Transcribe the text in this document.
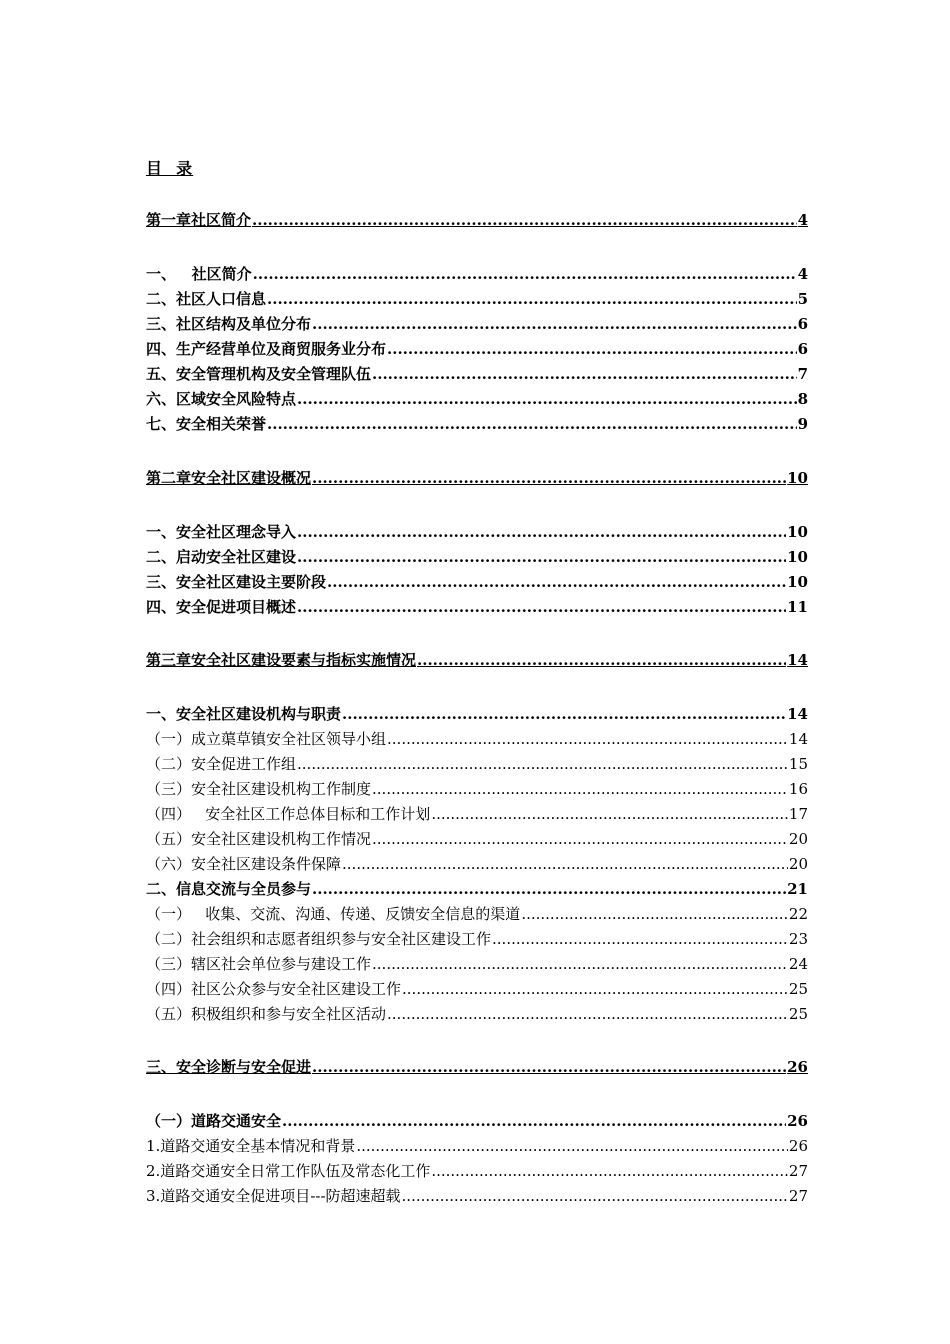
目  录
第一章社区简介 .....	4
一、   社区简介 .....	4
二、社区人口信息 .....	5
三、社区结构及单位分布 .....	6
四、生产经营单位及商贸服务业分布 .....	6
五、安全管理机构及安全管理队伍 .....	7
六、区域安全风险特点 .....	8
七、安全相关荣誉 .....	9
第二章安全社区建设概况 .....	10
一、安全社区理念导入 .....	10
二、启动安全社区建设 .....	10
三、安全社区建设主要阶段 .....	10
四、安全促进项目概述 .....	11
第三章安全社区建设要素与指标实施情况 .....	14
一、安全社区建设机构与职责 .....	14
（一）成立蕖草镇安全社区领导小组 .....	14
（二）安全促进工作组 .....	15
（三）安全社区建设机构工作制度 .....	16
（四）   安全社区工作总体目标和工作计划 .....	17
（五）安全社区建设机构工作情况 .....	20
（六）安全社区建设条件保障 .....	20
二、信息交流与全员参与 .....	21
（一）   收集、交流、沟通、传递、反馈安全信息的渠道 .....	22
（二）社会组织和志愿者组织参与安全社区建设工作 .....	23
（三）辖区社会单位参与建设工作 .....	24
（四）社区公众参与安全社区建设工作 .....	25
（五）积极组织和参与安全社区活动 .....	25
三、安全诊断与安全促进 .....	26
（一）道路交通安全 .....	26
1.道路交通安全基本情况和背景 .....	26
2.道路交通安全日常工作队伍及常态化工作 .....	27
3.道路交通安全促进项目---防超速超载 .....	27
